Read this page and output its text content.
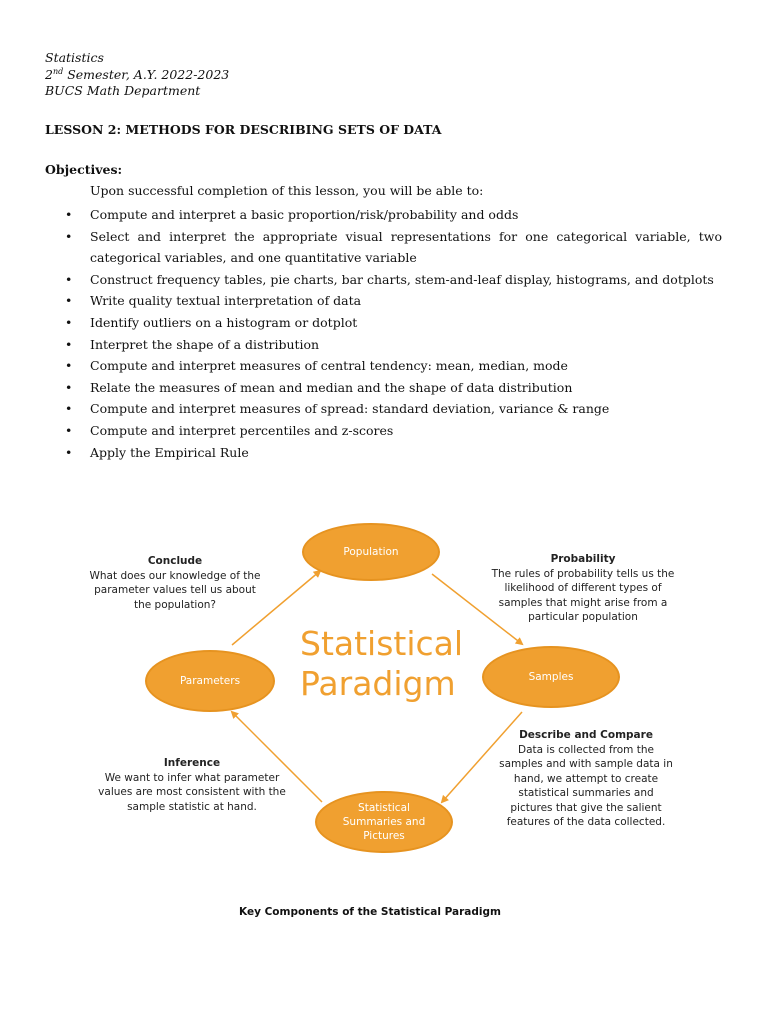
Statistics
2nd Semester, A.Y. 2022-2023
BUCS Math Department
LESSON 2: METHODS FOR DESCRIBING SETS OF DATA
Objectives:
Upon successful completion of this lesson, you will be able to:
• Compute and interpret a basic proportion/risk/probability and odds
• Select and interpret the appropriate visual representations for one categorical variable, two categorical variables, and one quantitative variable
• Construct frequency tables, pie charts, bar charts, stem-and-leaf display, histograms, and dotplots
• Write quality textual interpretation of data
• Identify outliers on a histogram or dotplot
• Interpret the shape of a distribution
• Compute and interpret measures of central tendency: mean, median, mode
• Relate the measures of mean and median and the shape of data distribution
• Compute and interpret measures of spread: standard deviation, variance & range
• Compute and interpret percentiles and z-scores
• Apply the Empirical Rule
Population
Samples
Parameters
Statistical Summaries and Pictures
Statistical
Paradigm
Conclude
What does our knowledge of the parameter values tell us about the population?
Probability
The rules of probability tells us the likelihood of different types of samples that might arise from a particular population
Describe and Compare
Data is collected from the samples and with sample data in hand, we attempt to create statistical summaries and pictures that give the salient features of the data collected.
Inference
We want to infer what parameter values are most consistent with the sample statistic at hand.
Key Components of the Statistical Paradigm
